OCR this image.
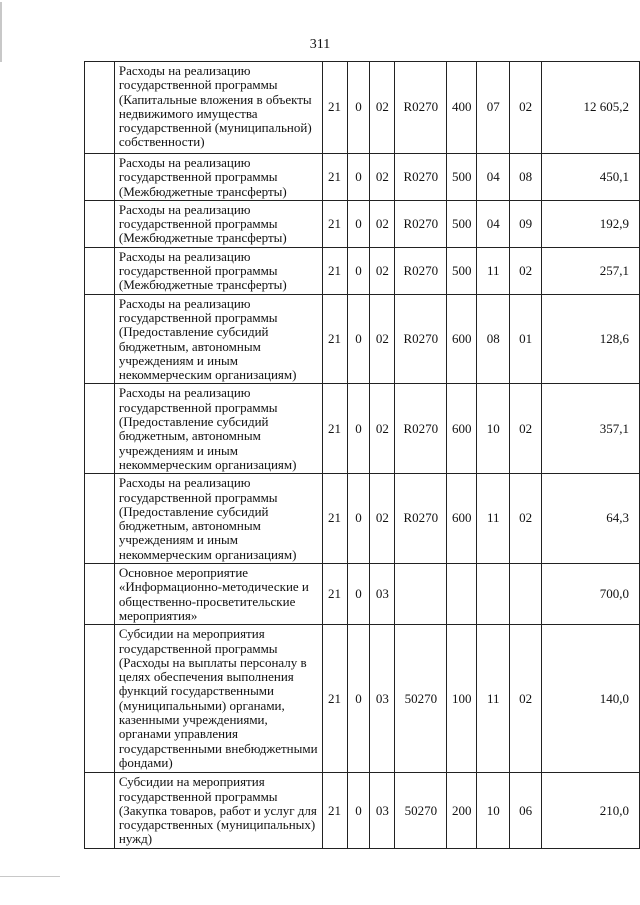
311
	Расходы на реализацию государственной программы (Капитальные вложения в объекты недвижимого имущества государственной (муниципальной) собственности)	21	0	02	R0270	400	07	02	12 605,2
	Расходы на реализацию государственной программы (Межбюджетные трансферты)	21	0	02	R0270	500	04	08	450,1
	Расходы на реализацию государственной программы (Межбюджетные трансферты)	21	0	02	R0270	500	04	09	192,9
	Расходы на реализацию государственной программы (Межбюджетные трансферты)	21	0	02	R0270	500	11	02	257,1
	Расходы на реализацию государственной программы (Предоставление субсидий бюджетным, автономным учреждениям и иным некоммерческим организациям)	21	0	02	R0270	600	08	01	128,6
	Расходы на реализацию государственной программы (Предоставление субсидий бюджетным, автономным учреждениям и иным некоммерческим организациям)	21	0	02	R0270	600	10	02	357,1
	Расходы на реализацию государственной программы (Предоставление субсидий бюджетным, автономным учреждениям и иным некоммерческим организациям)	21	0	02	R0270	600	11	02	64,3
	Основное мероприятие «Информационно-методические и общественно-просветительские мероприятия»	21	0	03					700,0
	Субсидии на мероприятия государственной программы (Расходы на выплаты персоналу в целях обеспечения выполнения функций государственными (муниципальными) органами, казенными учреждениями, органами управления государственными внебюджетными фондами)	21	0	03	50270	100	11	02	140,0
	Субсидии на мероприятия государственной программы (Закупка товаров, работ и услуг для государственных (муниципальных) нужд)	21	0	03	50270	200	10	06	210,0
